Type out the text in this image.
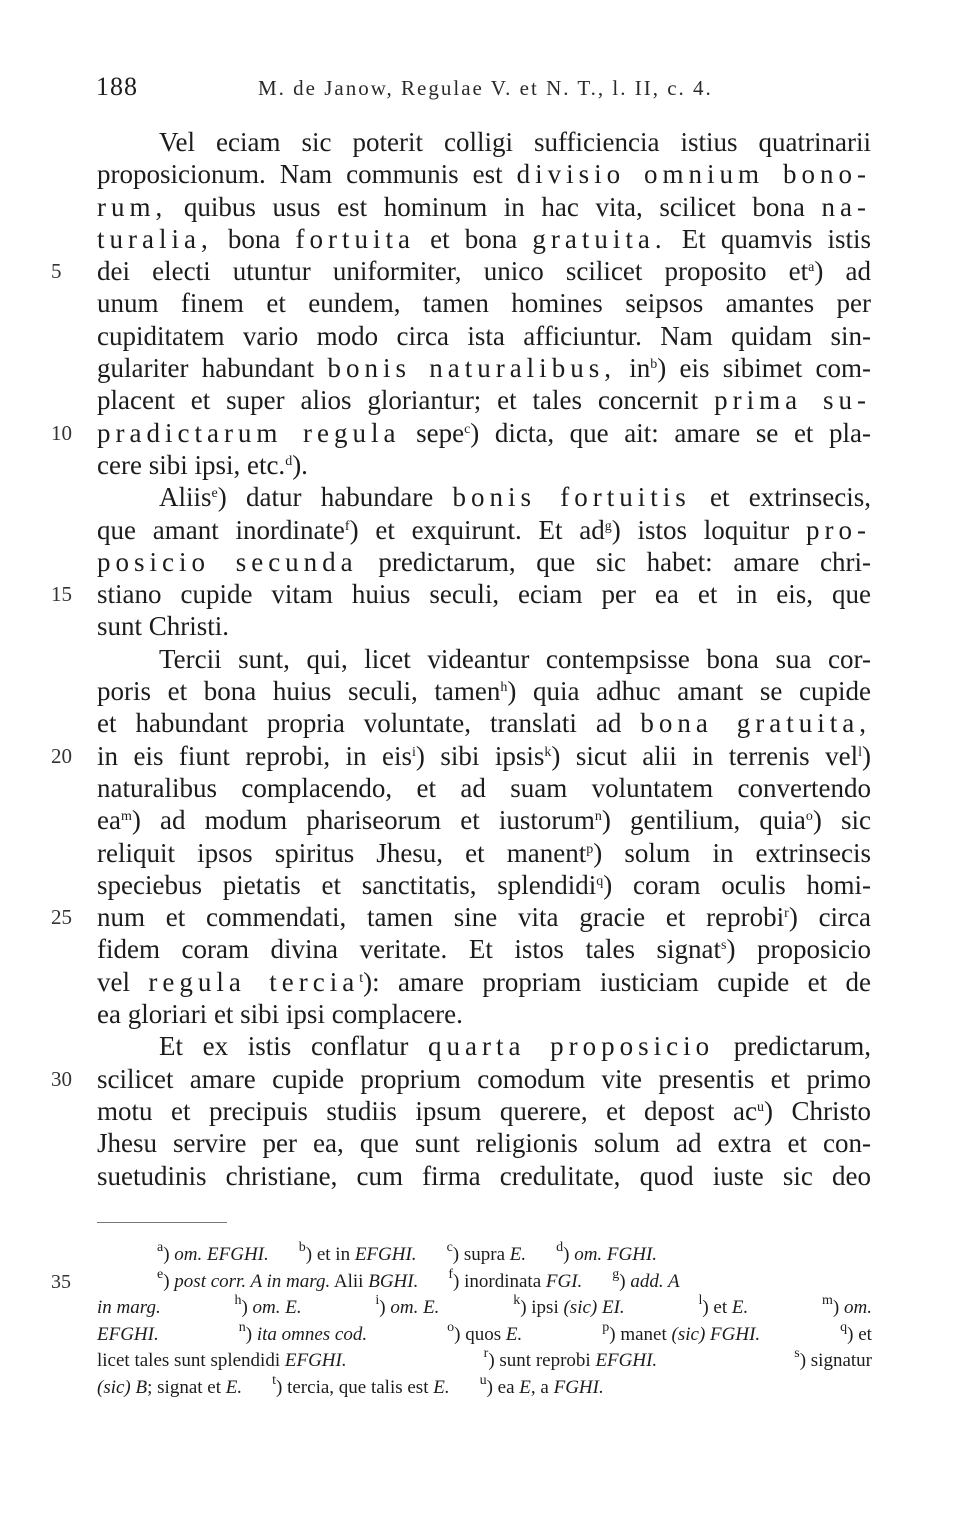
188	M. de Janow, Regulae V. et N. T., l. II, c. 4.
Vel eciam sic poterit colligi sufficiencia istius quatrinarii
proposicionum. Nam communis est divisio omnium bono-
rum, quibus usus est hominum in hac vita, scilicet bona na-
turalia, bona fortuita et bona gratuita. Et quamvis istis
5	dei electi utuntur uniformiter, unico scilicet proposito $et^a$) ad
unum finem et eundem, tamen homines seipsos amantes per
cupiditatem vario modo circa ista afficiuntur. Nam quidam sin-
gulariter habundant bonis naturalibus, $in^b$) eis sibimet com-
placent et super alios gloriantur; et tales concernit prima su-
10 pradictarum regula sepe$^c$) dicta, que ait: amare se et pla-
cere sibi ipsi, etc.$^d$).
Aliis$^e$) datur habundare bonis fortuitis et extrinsecis,
que amant inordinate$^f$) et exquirunt. Et $ad^g$) istos loquitur pro-
posicio secunda predictarum, que sic habet: amare chri-
15 stiano cupide vitam huius seculi, eciam per ea et in eis, que
sunt Christi.
Tercii sunt, qui, licet videantur contempsisse bona sua cor-
poris et bona huius seculi, tamen$^h$) quia adhuc amant se cupide
et habundant propria voluntate, translati ad bona gratuita,
20 in eis fiunt reprobi, in eis$^i$) sibi ipsis$^k$) sicut alii in terrenis vel$^l$)
naturalibus complacendo, et ad suam voluntatem convertendo
$ea^m$) ad modum phariseorum et iustorum$^n$) gentilium, quia$^o$) sic
reliquit ipsos spiritus Jhesu, et manent$^p$) solum in extrinsecis
speciebus pietatis et sanctitatis, splendidi$^q$) coram oculis homi-
25 num et commendati, tamen sine vita gracie et reprobi$^r$) circa
fidem coram divina veritate. Et istos tales signat$^s$) proposicio
vel regula tercia$^t$): amare propriam iusticiam cupide et de
ea gloriari et sibi ipsi complacere.
Et ex istis conflatur quarta proposicio predictarum,
30 scilicet amare cupide proprium comodum vite presentis et primo
motu et precipuis studiis ipsum querere, et depost $ac^u$) Christo
Jhesu servire per ea, que sunt religionis solum ad extra et con-
suetudinis christiane, cum firma credulitate, quod iuste sic deo
$^a$) om. EFGHI. $^b$) et in EFGHI. $^c$) supra E. $^d$) om. FGHI.
35	$^e$) post corr. A in marg. Alii BGHI. $^f$) inordinata FGI. $^g$) add. A
in marg.	$^h$) om. E.	$^i$) om. E.	$^k$) ipsi (sic) EI.	$^l$) et E.	$^m$) om.
EFGHI.	$^n$) ita omnes cod.	$^o$) quos E.	$^p$) manet (sic) FGHI.	$^q$) et
licet tales sunt splendidi EFGHI.	$^r$) sunt reprobi EFGHI.	$^s$) signatur
(sic) B; signat et E. $^t$) tercia, que talis est E. $^u$) ea E, a FGHI.
